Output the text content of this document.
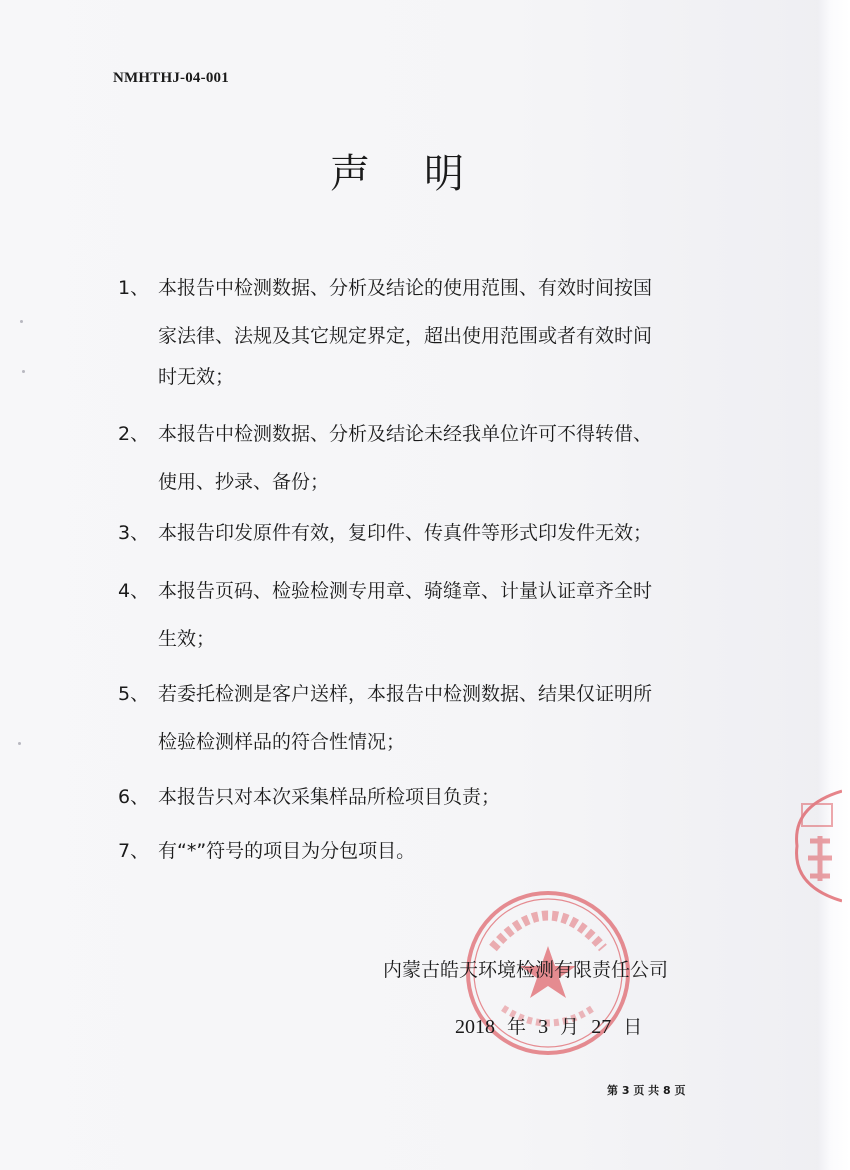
NMHTHJ-04-001
声 明
1、 本报告中检测数据、分析及结论的使用范围、有效时间按国
家法律、法规及其它规定界定，超出使用范围或者有效时间
时无效；
2、 本报告中检测数据、分析及结论未经我单位许可不得转借、
使用、抄录、备份；
3、 本报告印发原件有效，复印件、传真件等形式印发件无效；
4、 本报告页码、检验检测专用章、骑缝章、计量认证章齐全时
生效；
5、 若委托检测是客户送样，本报告中检测数据、结果仅证明所
检验检测样品的符合性情况；
6、 本报告只对本次采集样品所检项目负责；
7、 有“*”符号的项目为分包项目。
内蒙古皓天环境检测有限责任公司
2018 年 3 月 27 日
第 3 页 共 8 页
